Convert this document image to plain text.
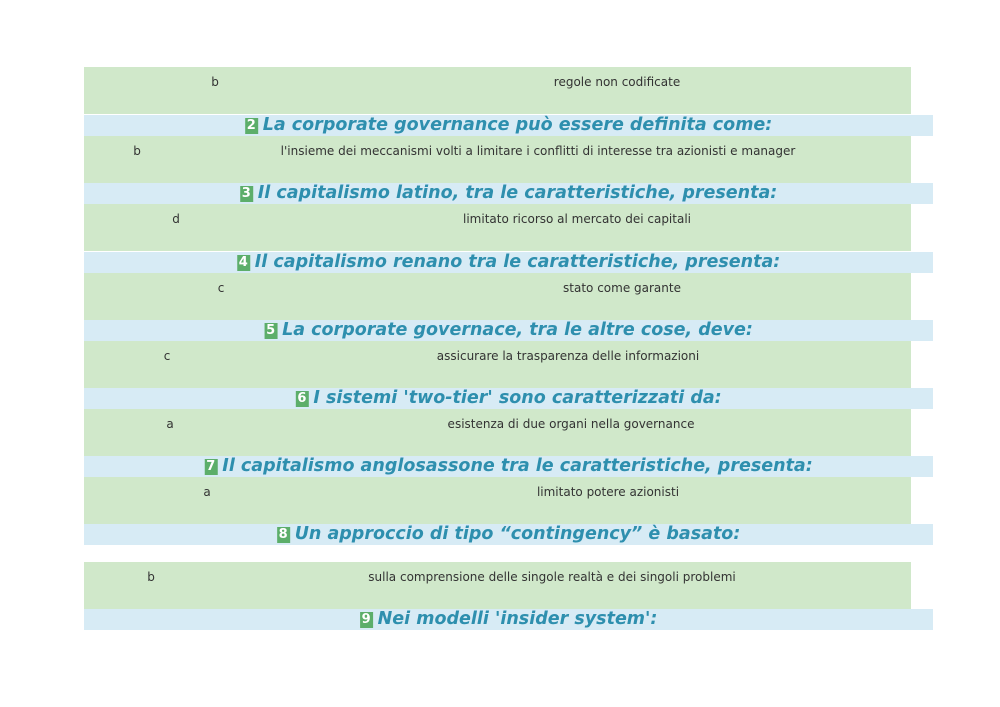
b	regole non codificate
2 La corporate governance può essere definita come:
b	l'insieme dei meccanismi volti a limitare i conflitti di interesse tra azionisti e manager
3 Il capitalismo latino, tra le caratteristiche, presenta:
d	limitato ricorso al mercato dei capitali
4 Il capitalismo renano tra le caratteristiche, presenta:
c	stato come garante
5 La corporate governace, tra le altre cose, deve:
c	assicurare la trasparenza delle informazioni
6 I sistemi 'two-tier' sono caratterizzati da:
a	esistenza di due organi nella governance
7 Il capitalismo anglosassone tra le caratteristiche, presenta:
a	limitato potere azionisti
8 Un approccio di tipo “contingency” è basato:
b	sulla comprensione delle singole realtà e dei singoli problemi
9 Nei modelli 'insider system':
